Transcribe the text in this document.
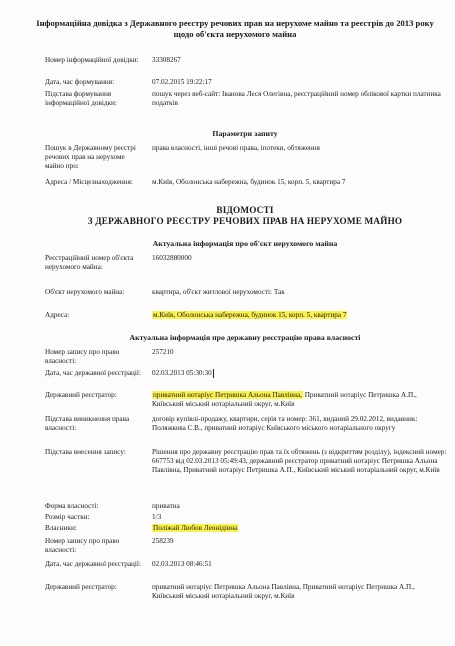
Інформаційна довідка з Державного реєстру речових прав на нерухоме майно та реєстрів до 2013 року щодо об'єкта нерухомого майна
Номер інформаційної довідки:	33308267
Дата, час формування:	07.02.2015 19:22:17
Підстава формування інформаційної довідки:
пошук через веб-сайт: Іванова Леся Олегівна, реєстраційний номер облікової картки платника податків
Параметри запиту
Пошук в Державному реєстрі речових прав на нерухоме майно про:
права власності, інші речові права, іпотеки, обтяження
Адреса / Місцезнаходження:	м.Київ, Оболонська набережна, будинок 15, корп. 5, квартира 7
ВІДОМОСТІ
З ДЕРЖАВНОГО РЕЄСТРУ РЕЧОВИХ ПРАВ НА НЕРУХОМЕ МАЙНО
Актуальна інформація про об'єкт нерухомого майна
Реєстраційний номер об'єкта нерухомого майна:
16032880000
Об'єкт нерухомого майна:	квартира, об'єкт житлової нерухомості: Так
Адреса:	м.Київ, Оболонська набережна, будинок 15, корп. 5, квартира 7
Актуальна інформація про державну реєстрацію права власності
Номер запису про право власності:
257210
Дата, час державної реєстрації:	02.03.2013 05:30:30
Державний реєстратор:	приватний нотаріус Петришка Альона Павлівна, Приватний нотаріус Петришка А.П., Київський міський нотаріальний округ, м.Київ
Підстава виникнення права власності:
договір купівлі-продажу, квартири, серія та номер: 361, виданий 29.02.2012, видавник: Поляжкова С.В., приватний нотаріус Київського міського нотаріального округу
Підстава внесення запису:	Рішення про державну реєстрацію прав та їх обтяжень (з відкриттям розділу), індексний номер: 667753 від 02.03.2013 05:49:43, державний реєстратор приватний нотаріус Петришка Альона Павлівна, Приватний нотаріус Петришка А.П., Київський міський нотаріальний округ, м.Київ
Форма власності:	приватна
Розмір частки:	1/3
Власники:	Поліжай Любов Леонідівна
Номер запису про право власності:
258239
Дата, час державної реєстрації:	02.03.2013 08:46:51
Державний реєстратор:	приватний нотаріус Петришка Альона Павлівна, Приватний нотаріус Петришка А.П., Київський міський нотаріальний округ, м.Київ
